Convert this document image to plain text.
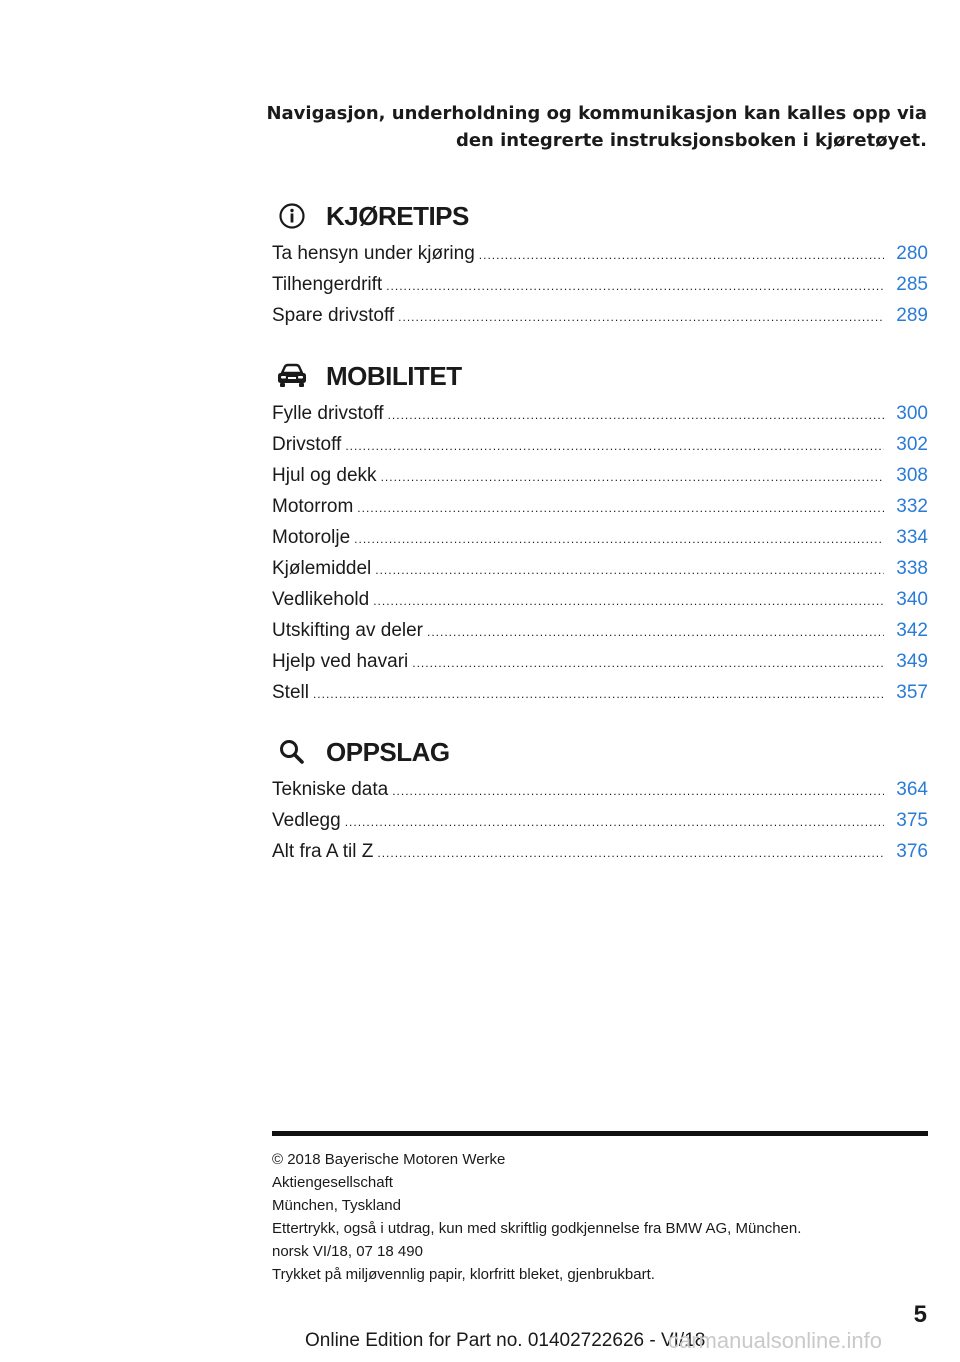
Navigasjon, underholdning og kommunikasjon kan kalles opp via
den integrerte instruksjonsboken i kjøretøyet.
KJØRETIPS
Ta hensyn under kjøring .....	280
Tilhengerdrift .....	285
Spare drivstoff .....	289
MOBILITET
Fylle drivstoff .....	300
Drivstoff .....	302
Hjul og dekk .....	308
Motorrom .....	332
Motorolje .....	334
Kjølemiddel .....	338
Vedlikehold .....	340
Utskifting av deler .....	342
Hjelp ved havari .....	349
Stell .....	357
OPPSLAG
Tekniske data .....	364
Vedlegg .....	375
Alt fra A til Z .....	376
© 2018 Bayerische Motoren Werke
Aktiengesellschaft
München, Tyskland
Ettertrykk, også i utdrag, kun med skriftlig godkjennelse fra BMW AG, München.
norsk VI/18, 07 18 490
Trykket på miljøvennlig papir, klorfritt bleket, gjenbrukbart.
5
Online Edition for Part no. 01402722626 - VI/18
carmanualsonline.info
